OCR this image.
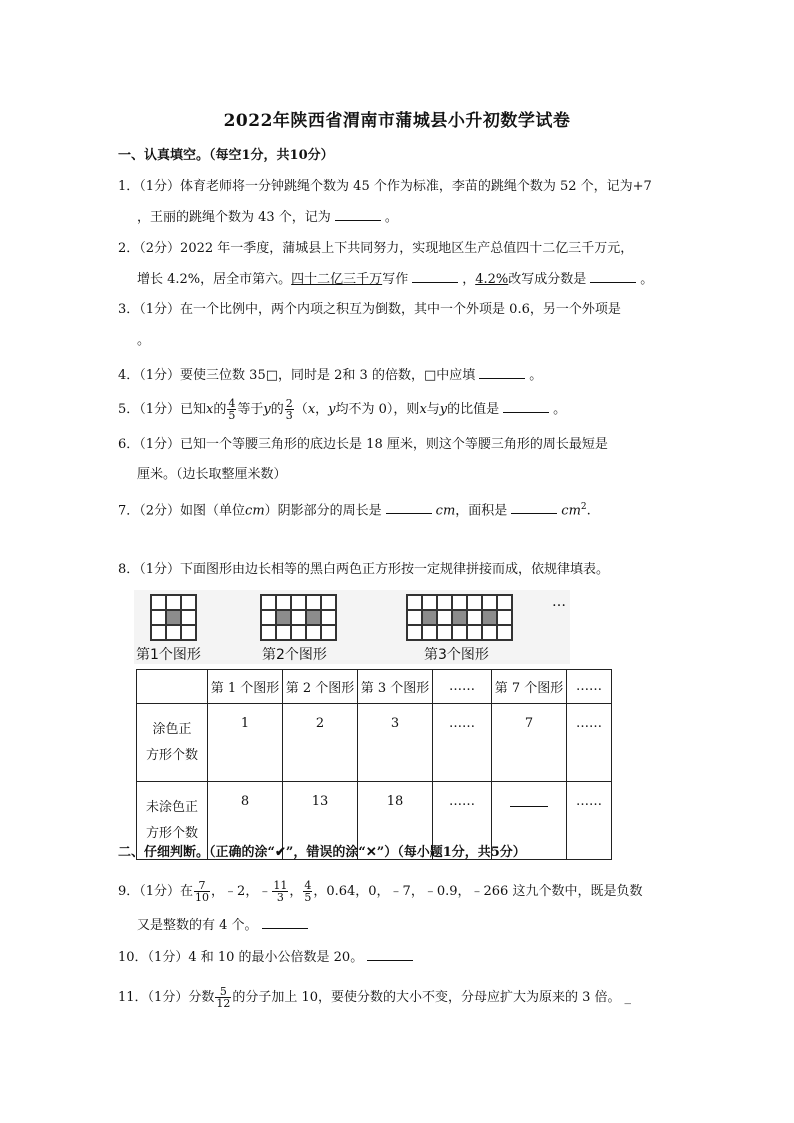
2022年陕西省渭南市蒲城县小升初数学试卷
一、认真填空。（每空1分，共10分）
1．（1分）体育老师将一分钟跳绳个数为 45 个作为标准，李苗的跳绳个数为 52 个，记为+7
，王丽的跳绳个数为 43 个，记为	。
2．（2分）2022 年一季度，蒲城县上下共同努力，实现地区生产总值四十二亿三千万元，
增长 4.2%，居全市第六。四十二亿三千万写作	，4.2%改写成分数是	。
3．（1分）在一个比例中，两个内项之积互为倒数，其中一个外项是 0.6，另一个外项是
。
4．（1分）要使三位数 35□，同时是 2和 3 的倍数，□中应填	。
5．（1分）已知x的 $\frac{4}{5}$ 等于y的 $\frac{2}{3} (x$，y均不为 0），则x与y的比值是	。
6．（1分）已知一个等腰三角形的底边长是 18 厘米，则这个等腰三角形的周长最短是
厘米。（边长取整厘米数）
7．（2分）如图（单位cm）阴影部分的周长是	cm，面积是	$cm^2$.
8．（1分）下面图形由边长相等的黑白两色正方形按一定规律拼接而成，依规律填表。
第1个图形	第2个图形	第3个图形
…
	第 1 个图形	第 2 个图形	第 3 个图形	……	第 7 个图形	……

涂色正
方形个数	1	2	3	……	7	……

未涂色正
方形个数	8	13	18	……		……
二、仔细判断。（正确的涂“✔”，错误的涂“✕”）（每小题1分，共5分）
9．（1分）在 $\frac{7}{10}$ ，﹣2，﹣ $\frac{11}{3}$ ， $\frac{4}{5}$ ，0.64，0，﹣7，﹣0.9，﹣266 这九个数中，既是负数
又是整数的有 4 个。
10．（1分）4 和 10 的最小公倍数是 20。
11．（1分）分数 $\frac{5}{12}$ 的分子加上 10，要使分数的大小不变，分母应扩大为原来的 3 倍。 _
